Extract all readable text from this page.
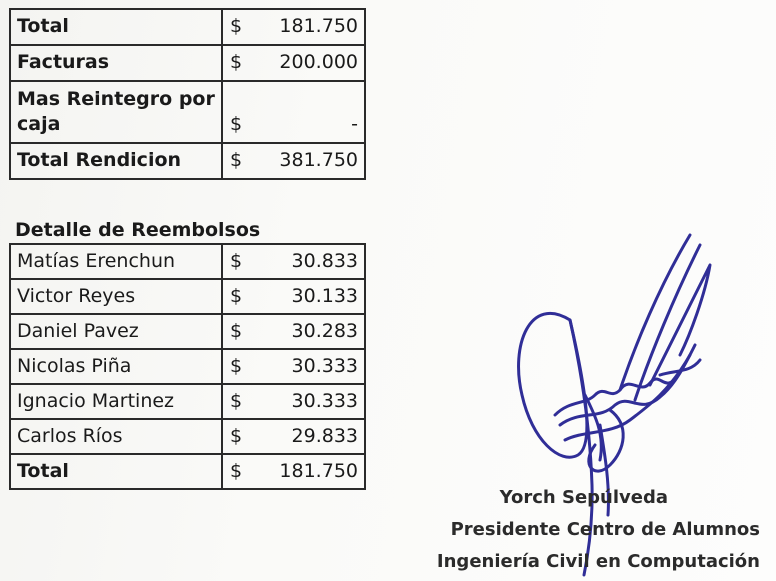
Total	$	181.750
Facturas	$	200.000
Mas Reintegro por caja	$	-
Total Rendicion	$	381.750
Detalle de Reembolsos
Matías Erenchun	$	30.833
Victor Reyes	$	30.133
Daniel Pavez	$	30.283
Nicolas Piña	$	30.333
Ignacio Martinez	$	30.333
Carlos Ríos	$	29.833
Total	$	181.750
Yorch Sepúlveda
Presidente Centro de Alumnos
Ingeniería Civil en Computación
